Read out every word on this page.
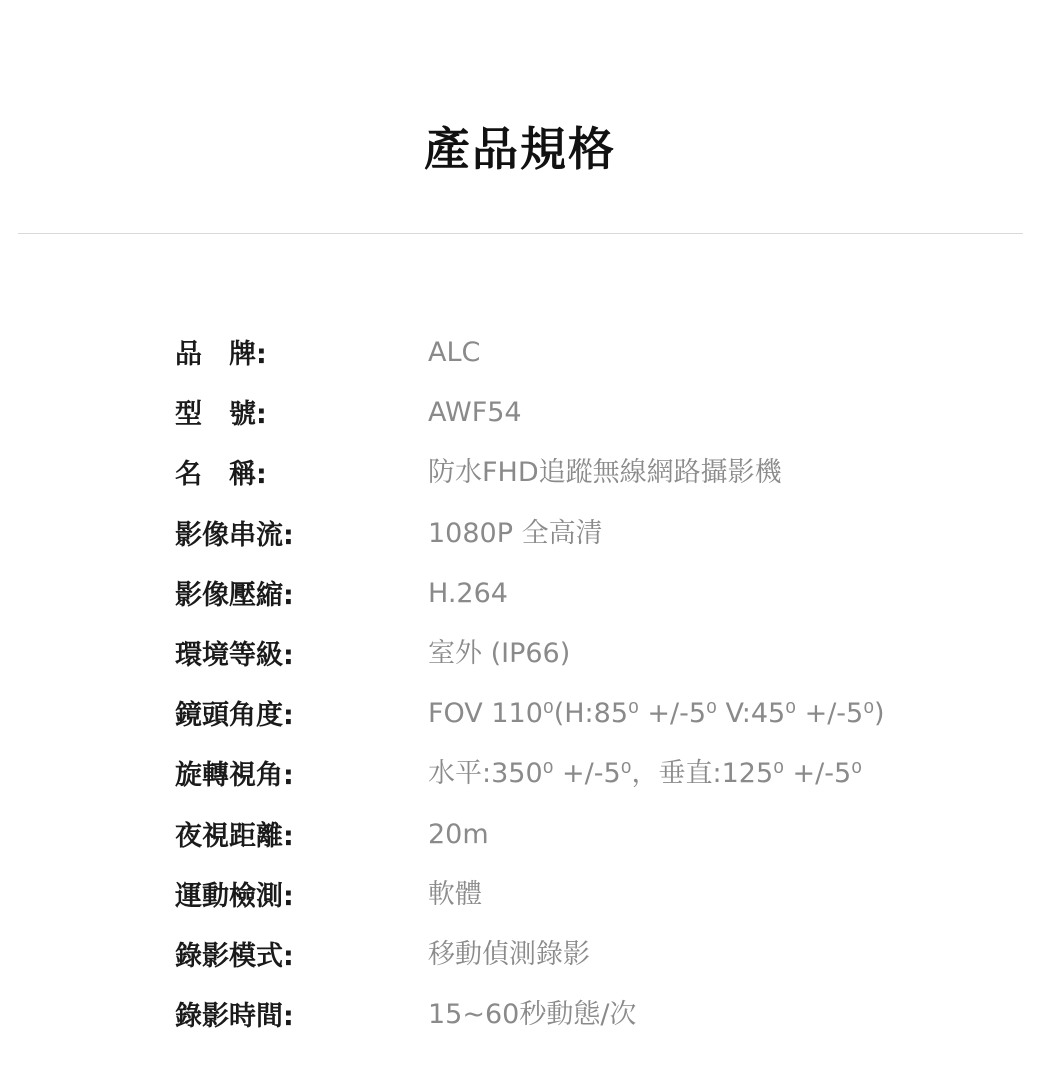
產品規格
品　牌:	ALC
型　號:	AWF54
名　稱:	防水FHD追蹤無線網路攝影機
影像串流:	1080P 全高清
影像壓縮:	H.264
環境等級:	室外 (IP66)
鏡頭角度:	FOV 110⁰(H:85⁰ +/-5⁰ V:45⁰ +/-5⁰)
旋轉視角:	水平:350⁰ +/-5⁰，垂直:125⁰ +/-5⁰
夜視距離:	20m
運動檢測:	軟體
錄影模式:	移動偵測錄影
錄影時間:	15~60秒動態/次
